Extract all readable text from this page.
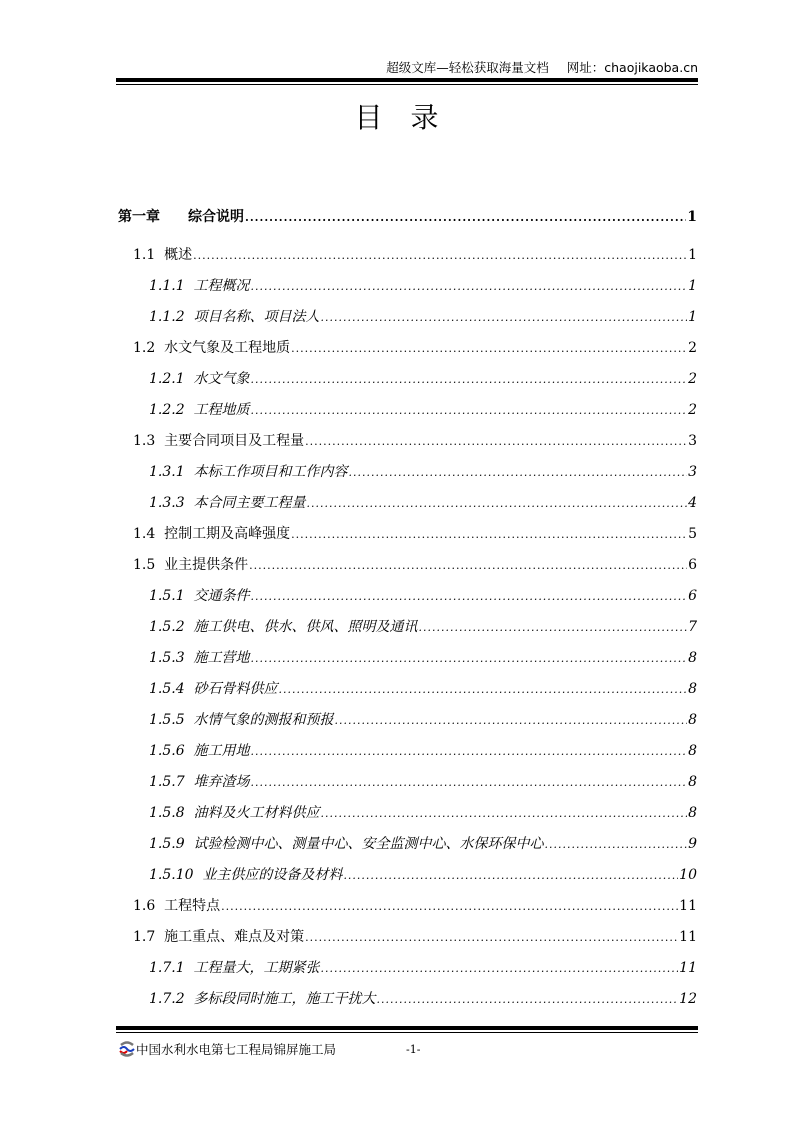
超级文库—轻松获取海量文档 网址：chaojikaoba.cn
目录
第一章　　 综合说明 .....	1
1.1 概述 .....	1
1.1.1 工程概况 .....	1
1.1.2 项目名称、项目法人 .....	1
1.2 水文气象及工程地质 .....	2
1.2.1 水文气象 .....	2
1.2.2 工程地质 .....	2
1.3 主要合同项目及工程量 .....	3
1.3.1 本标工作项目和工作内容 .....	3
1.3.3 本合同主要工程量 .....	4
1.4 控制工期及高峰强度 .....	5
1.5 业主提供条件 .....	6
1.5.1 交通条件 .....	6
1.5.2 施工供电、供水、供风、照明及通讯 .....	7
1.5.3 施工营地 .....	8
1.5.4 砂石骨料供应 .....	8
1.5.5 水情气象的测报和预报 .....	8
1.5.6 施工用地 .....	8
1.5.7 堆弃渣场 .....	8
1.5.8 油料及火工材料供应 .....	8
1.5.9 试验检测中心、测量中心、安全监测中心、水保环保中心 .....	9
1.5.10 业主供应的设备及材料 .....	10
1.6 工程特点 .....	11
1.7 施工重点、难点及对策 .....	11
1.7.1 工程量大，工期紧张 .....	11
1.7.2 多标段同时施工，施工干扰大 .....	12
中国水利水电第七工程局锦屏施工局	-1-
